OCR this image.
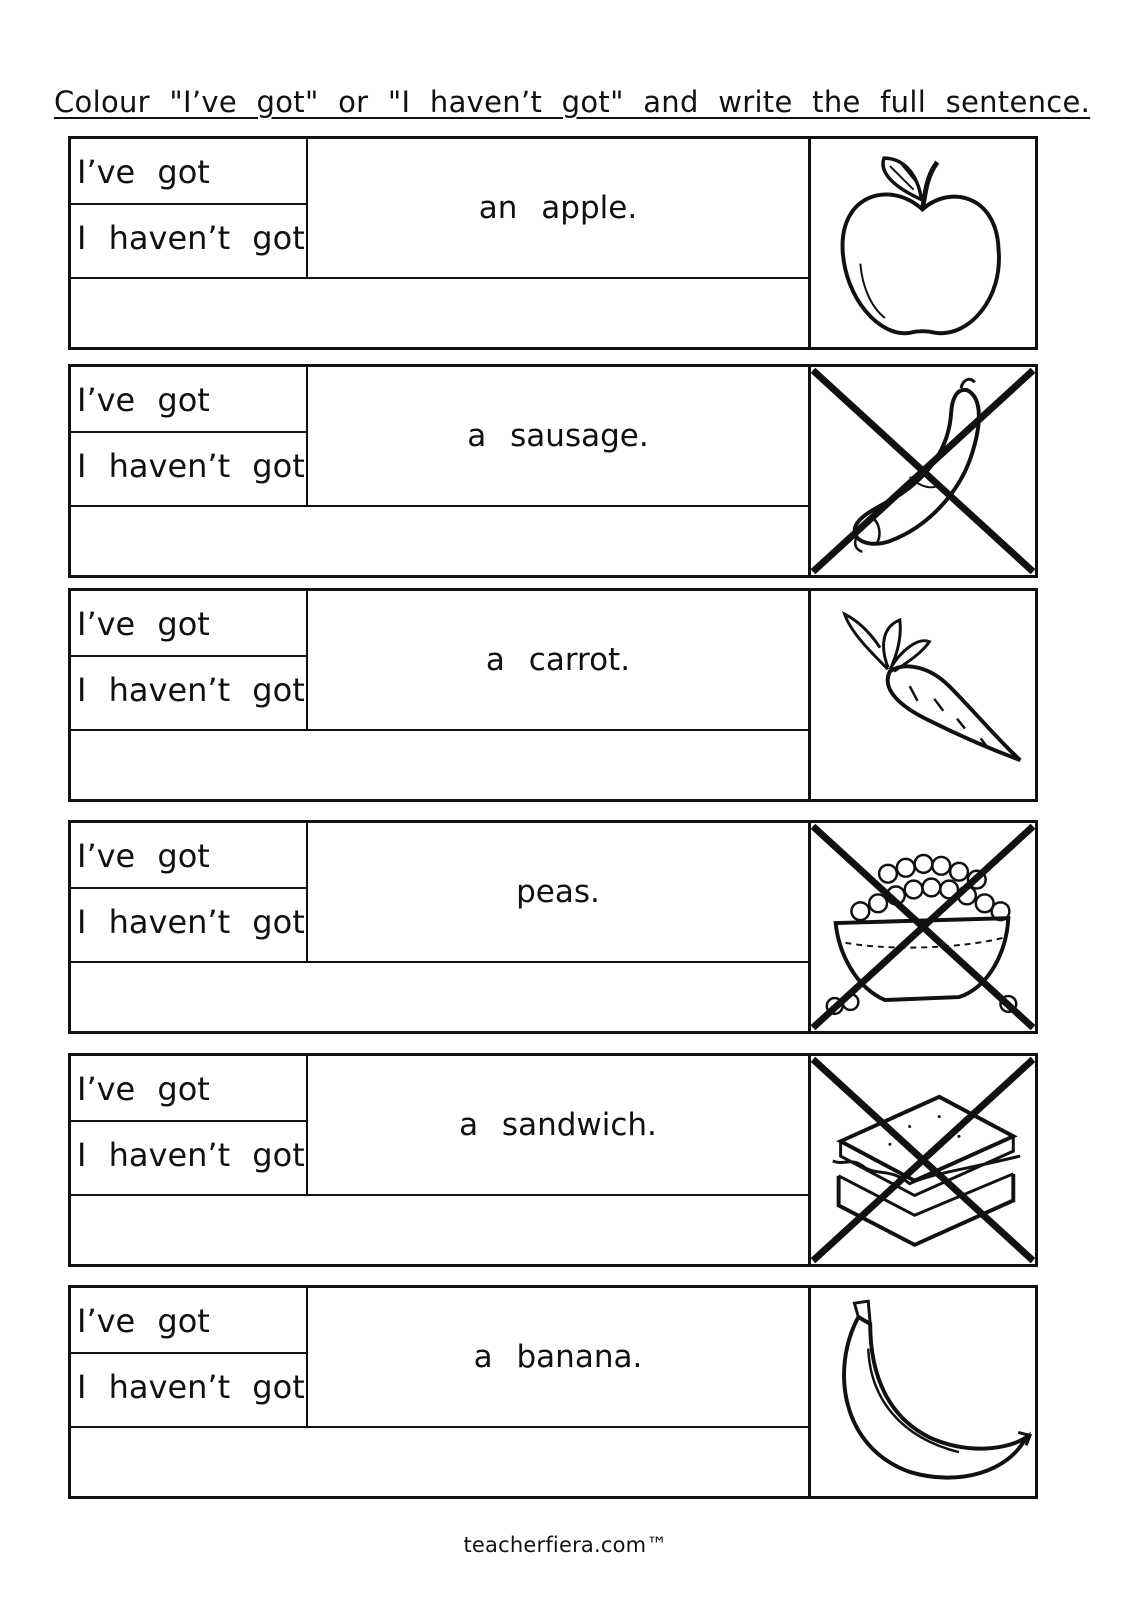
Colour "I’ve got" or "I haven’t got" and write the full sentence.
I’ve got
I haven’t got
an apple.
I’ve got
I haven’t got
a sausage.
I’ve got
I haven’t got
a carrot.
I’ve got
I haven’t got
peas.
I’ve got
I haven’t got
a sandwich.
I’ve got
I haven’t got
a banana.
teacherfiera.com™
